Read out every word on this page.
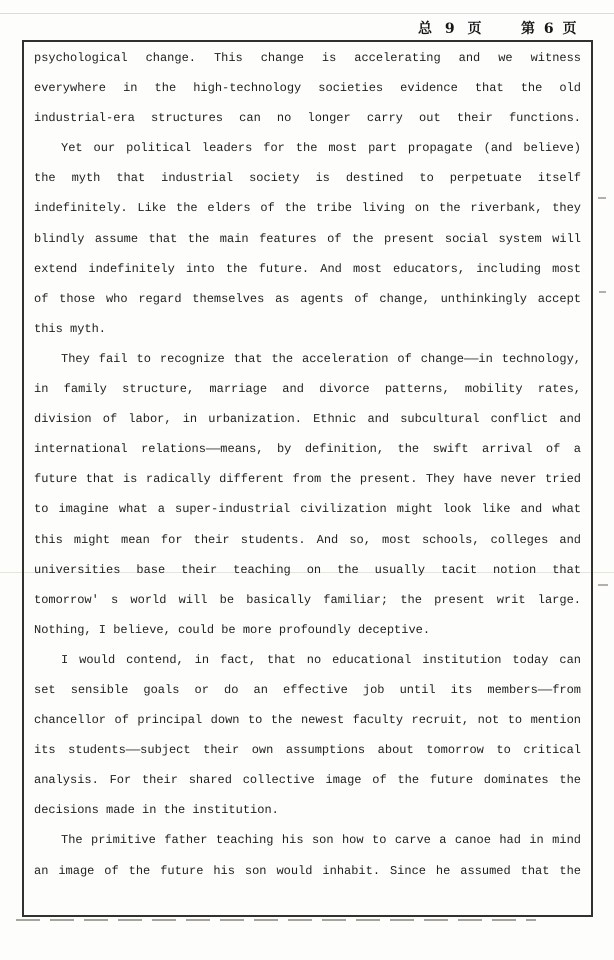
总 9 页	第 6 页
psychological change. This change is accelerating and we witness
everywhere in the high-technology societies evidence that the old
industrial-era structures can no longer carry out their functions.
Yet our political leaders for the most part propagate (and believe)
the myth that industrial society is destined to perpetuate itself
indefinitely. Like the elders of the tribe living on the riverbank, they
blindly assume that the main features of the present social system will
extend indefinitely into the future. And most educators, including most
of those who regard themselves as agents of change, unthinkingly accept
this myth.
They fail to recognize that the acceleration of change——in technology,
in family structure, marriage and divorce patterns, mobility rates,
division of labor, in urbanization. Ethnic and subcultural conflict and
international relations——means, by definition, the swift arrival of a
future that is radically different from the present. They have never tried
to imagine what a super-industrial civilization might look like and what
this might mean for their students. And so, most schools, colleges and
universities base their teaching on the usually tacit notion that
tomorrow' s world will be basically familiar; the present writ large.
Nothing, I believe, could be more profoundly deceptive.
I would contend, in fact, that no educational institution today can
set sensible goals or do an effective job until its members——from
chancellor of principal down to the newest faculty recruit, not to mention
its students——subject their own assumptions about tomorrow to critical
analysis. For their shared collective image of the future dominates the
decisions made in the institution.
The primitive father teaching his son how to carve a canoe had in mind
an image of the future his son would inhabit. Since he assumed that the
